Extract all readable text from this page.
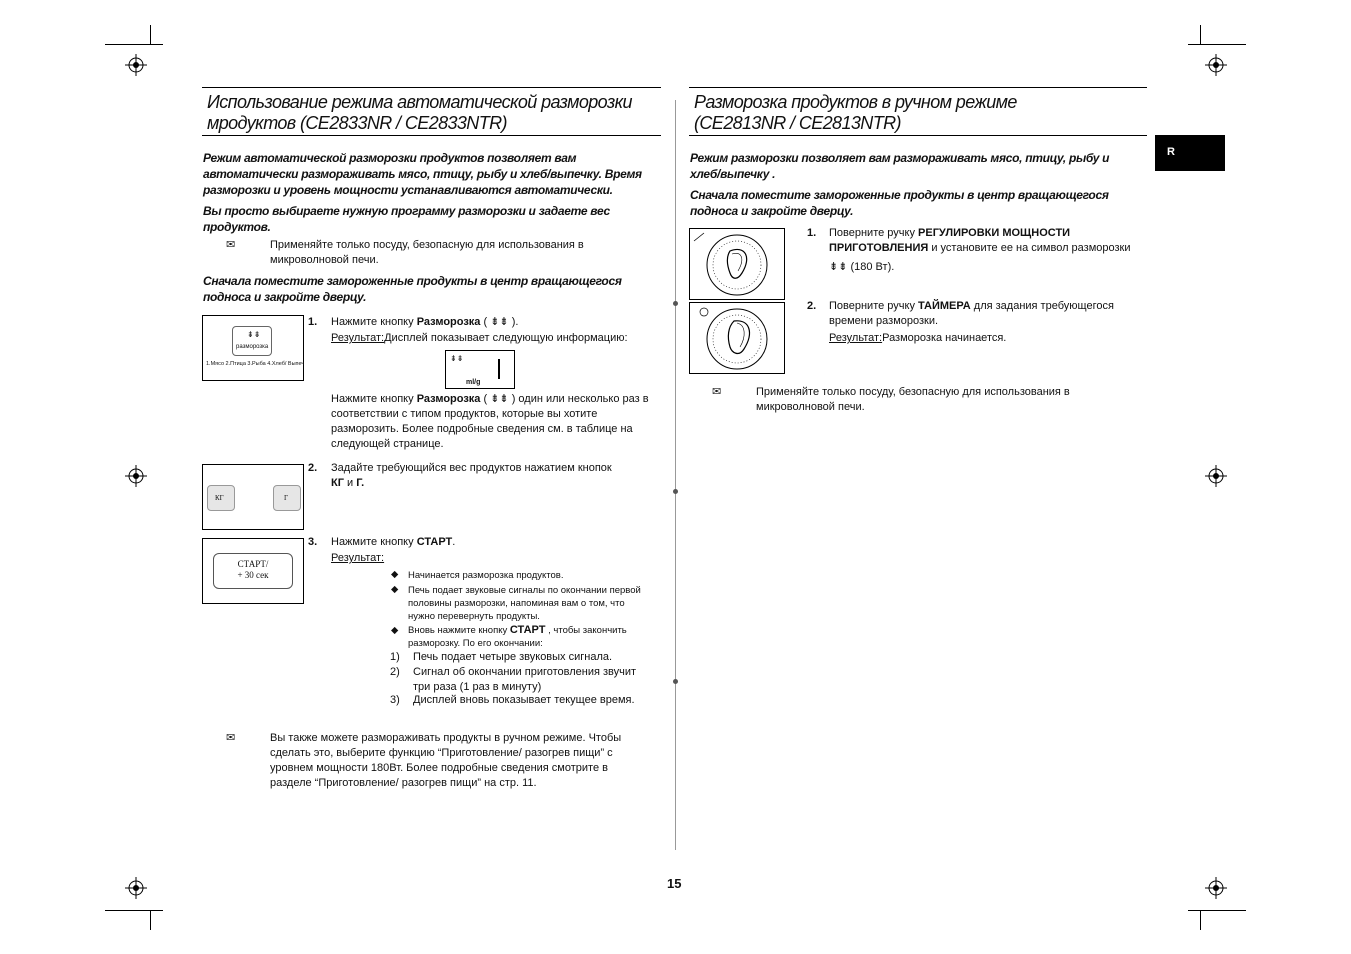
R
Использование режима автоматической разморозки
мродуктов (CE2833NR / CE2833NTR)
Режим автоматической разморозки продуктов позволяет вам
автоматически размораживать мясо, птицу, рыбу и хлеб/выпечку. Время
разморозки и уровень мощности устанавливаются автоматически.
Вы просто выбираете нужную программу разморозки и задаете вес
продуктов.
✉	Применяйте только посуду, безопасную для использования в
микроволновой печи.
Сначала поместите замороженные продукты в центр вращающегося
подноса и закройте дверцу.
⇟⇟
разморозка
1.Мясо 2.Птица 3.Рыба 4.Хлеб/ Выпеч
1. Нажмите кнопку Разморозка ( ⇟⇟ ).
Результат:Дисплей показывает следующую информацию:
⇟⇟
ml/g
Нажмите кнопку Разморозка ( ⇟⇟ ) один или несколько раз в
соответствии с типом продуктов, которые вы хотите
разморозить. Более подробные сведения см. в таблице на
следующей странице.
КГ	Г
2. Задайте требующийся вес продуктов нажатием кнопок
КГ и Г.
СТАРТ/
+ 30 сек
3. Нажмите кнопку СТАРТ.
Результат:
◆ Начинается разморозка продуктов.
◆ Печь подает звуковые сигналы по окончании первой
половины разморозки, напоминая вам о том, что
нужно перевернуть продукты.
◆ Вновь нажмите кнопку СТАРТ , чтобы закончить
разморозку. По его окончании:
1) Печь подает четыре звуковых сигнала.
2) Сигнал об окончании приготовления звучит
три раза (1 раз в минуту)
3) Дисплей вновь показывает текущее время.
✉	Вы также можете размораживать продукты в ручном режиме. Чтобы
сделать это, выберите функцию “Приготовление/ разогрев пищи” с
уровнем мощности 180Вт. Более подробные сведения смотрите в
разделе “Приготовление/ разогрев пищи” на стр. 11.
Разморозка продуктов в ручном режиме
(CE2813NR / CE2813NTR)
Режим разморозки позволяет вам размораживать мясо, птицу, рыбу и
хлеб/выпечку .
Сначала поместите замороженные продукты в центр вращающегося
подноса и закройте дверцу.
1. Поверните ручку РЕГУЛИРОВКИ МОЩНОСТИ
ПРИГОТОВЛЕНИЯ и установите ее на символ разморозки
⇟⇟ (180 Вт).
2. Поверните ручку ТАЙМЕРА для задания требующегося
времени разморозки.
Результат:Разморозка начинается.
✉	Применяйте только посуду, безопасную для использования в
микроволновой печи.
15
